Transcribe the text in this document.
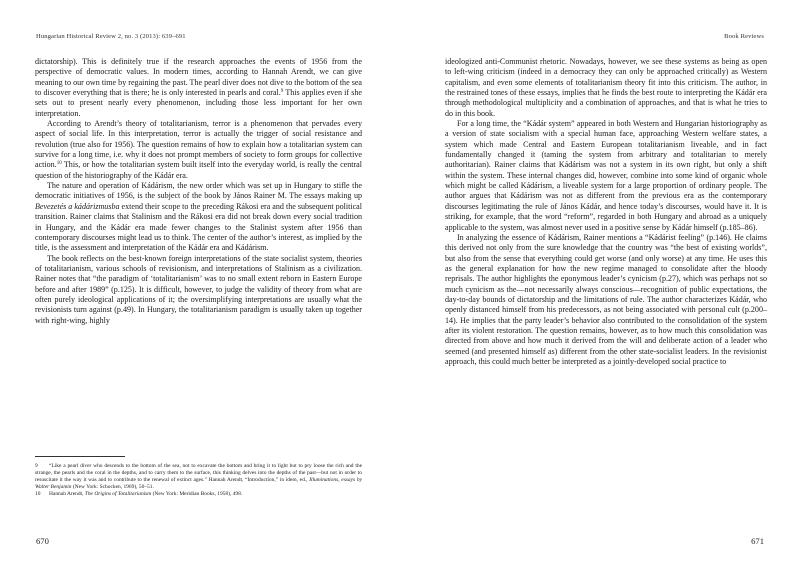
Hungarian Historical Review 2, no. 3 (2013): 639–691

dictatorship). This is definitely true if the research approaches the events of 1956 from the perspective of democratic values. In modern times, according to Hannah Arendt, we can give meaning to our own time by regaining the past. The pearl diver does not dive to the bottom of the sea to discover everything that is there; he is only interested in pearls and coral.$^9$ This applies even if she sets out to present nearly every phenomenon, including those less important for her own interpretation.

According to Arendt’s theory of totalitarianism, terror is a phenomenon that pervades every aspect of social life. In this interpretation, terror is actually the trigger of social resistance and revolution (true also for 1956). The question remains of how to explain how a totalitarian system can survive for a long time, i.e. why it does not prompt members of society to form groups for collective action.$^{10}$ This, or how the totalitarian system built itself into the everyday world, is really the central question of the historiography of the Kádár era.

The nature and operation of Kádárism, the new order which was set up in Hungary to stifle the democratic initiatives of 1956, is the subject of the book by János Rainer M. The essays making up Bevezetés a kádárizmusba extend their scope to the preceding Rákosi era and the subsequent political transition. Rainer claims that Stalinism and the Rákosi era did not break down every social tradition in Hungary, and the Kádár era made fewer changes to the Stalinist system after 1956 than contemporary discourses might lead us to think. The center of the author’s interest, as implied by the title, is the assessment and interpretation of the Kádár era and Kádárism.

The book reflects on the best-known foreign interpretations of the state socialist system, theories of totalitarianism, various schools of revisionism, and interpretations of Stalinism as a civilization. Rainer notes that “the paradigm of ‘totalitarianism’ was to no small extent reborn in Eastern Europe before and after 1989” (p.125). It is difficult, however, to judge the validity of theory from what are often purely ideological applications of it; the oversimplifying interpretations are usually what the revisionists turn against (p.49). In Hungary, the totalitarianism paradigm is usually taken up together with right-wing, highly

9 “Like a pearl diver who descends to the bottom of the sea, not to excavate the bottom and bring it to light but to pry loose the rich and the strange, the pearls and the coral in the depths, and to carry them to the surface, this thinking delves into the depths of the past—but not in order to resuscitate it the way it was and to contribute to the renewal of extinct ages.” Hannah Arendt, “Introduction,” in idem, ed., Illuminations, essays by Walter Benjamin (New York: Schocken, 1969), 50–51.

10 Hannah Arendt, The Origins of Totalitarianism (New York: Meridian Books, 1958), 498.

670
Book Reviews

ideologized anti-Communist rhetoric. Nowadays, however, we see these systems as being as open to left-wing criticism (indeed in a democracy they can only be approached critically) as Western capitalism, and even some elements of totalitarianism theory fit into this criticism. The author, in the restrained tones of these essays, implies that he finds the best route to interpreting the Kádár era through methodological multiplicity and a combination of approaches, and that is what he tries to do in this book.

For a long time, the “Kádár system” appeared in both Western and Hungarian historiography as a version of state socialism with a special human face, approaching Western welfare states, a system which made Central and Eastern European totalitarianism liveable, and in fact fundamentally changed it (taming the system from arbitrary and totalitarian to merely authoritarian). Rainer claims that Kádárism was not a system in its own right, but only a shift within the system. These internal changes did, however, combine into some kind of organic whole which might be called Kádárism, a liveable system for a large proportion of ordinary people. The author argues that Kádárism was not as different from the previous era as the contemporary discourses legitimating the rule of János Kádár, and hence today’s discourses, would have it. It is striking, for example, that the word “reform”, regarded in both Hungary and abroad as a uniquely applicable to the system, was almost never used in a positive sense by Kádár himself (p.185–86).

In analyzing the essence of Kádárism, Rainer mentions a “Kádárist feeling” (p.146). He claims this derived not only from the sure knowledge that the country was “the best of existing worlds”, but also from the sense that everything could get worse (and only worse) at any time. He uses this as the general explanation for how the new regime managed to consolidate after the bloody reprisals. The author highlights the eponymous leader’s cynicism (p.27), which was perhaps not so much cynicism as the—not necessarily always conscious—recognition of public expectations, the day-to-day bounds of dictatorship and the limitations of rule. The author characterizes Kádár, who openly distanced himself from his predecessors, as not being associated with personal cult (p.200–14). He implies that the party leader’s behavior also contributed to the consolidation of the system after its violent restoration. The question remains, however, as to how much this consolidation was directed from above and how much it derived from the will and deliberate action of a leader who seemed (and presented himself as) different from the other state-socialist leaders. In the revisionist approach, this could much better be interpreted as a jointly-developed social practice to

671
